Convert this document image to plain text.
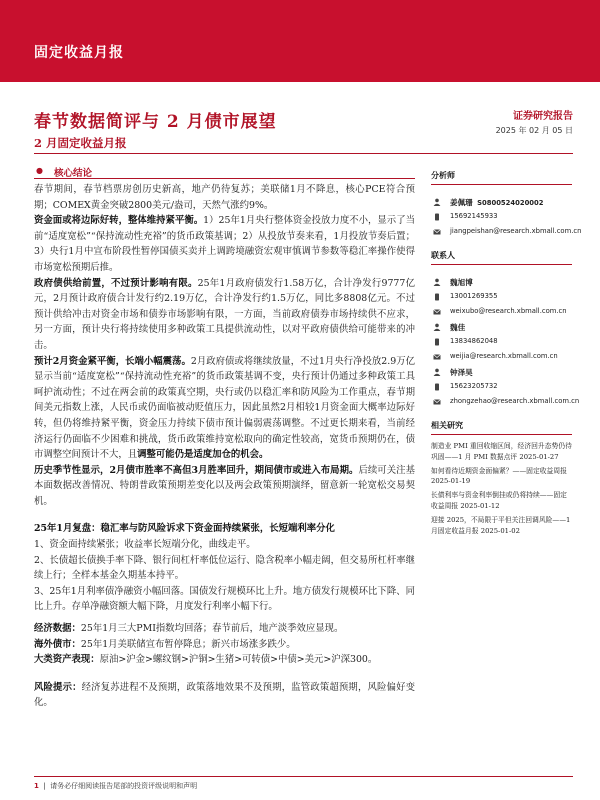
固定收益月报
春节数据简评与 2 月债市展望
2 月固定收益月报
证券研究报告
2025 年 02 月 05 日
● 核心结论

春节期间，春节档票房创历史新高，地产仍待复苏；美联储1月不降息，核心PCE符合预期；COMEX黄金突破2800美元/盎司，天然气涨约9%。

资金面或将边际好转，整体维持紧平衡。1）25年1月央行整体资金投放力度不小，显示了当前“适度宽松”“保持流动性充裕”的货币政策基调；2）从投放节奏来看，1月投放节奏后置；3）央行1月中宣布阶段性暂停国债买卖并上调跨境融资宏观审慎调节参数等稳汇率操作使得市场宽松预期后推。

政府债供给前置，不过预计影响有限。25年1月政府债发行1.58万亿，合计净发行9777亿元，2月预计政府债合计发行约2.19万亿，合计净发行约1.5万亿，同比多8808亿元。不过预计供给冲击对资金市场和债券市场影响有限，一方面，当前政府债券市场持续供不应求，另一方面，预计央行将持续使用多种政策工具提供流动性，以对平政府债供给可能带来的冲击。

预计2月资金紧平衡，长端小幅震荡。2月政府债或将继续放量，不过1月央行净投放2.9万亿显示当前“适度宽松”“保持流动性充裕”的货币政策基调不变，央行预计仍通过多种政策工具呵护流动性；不过在两会前的政策真空期，央行或仍以稳汇率和防风险为工作重点，春节期间美元指数上涨，人民币或仍面临被动贬值压力，因此虽然2月相较1月资金面大概率边际好转，但仍将维持紧平衡，资金压力持续下债市预计偏弱震荡调整。不过更长期来看，当前经济运行仍面临不少困难和挑战，货币政策维持宽松取向的确定性较高，宽货币预期仍在，债市调整空间预计不大，且调整可能仍是适度加仓的机会。

历史季节性显示，2月债市胜率不高但3月胜率回升，期间债市或进入布局期。后续可关注基本面数据改善情况、特朗普政策预期差变化以及两会政策预期演绎，留意新一轮宽松交易契机。

25年1月复盘：稳汇率与防风险诉求下资金面持续紧张，长短端利率分化

1、资金面持续紧张；收益率长短端分化，曲线走平。

2、长债超长债换手率下降、银行间杠杆率低位运行、隐含税率小幅走阔，但交易所杠杆率继续上行；全样本基金久期基本持平。

3、25年1月利率债净融资小幅回落。国债发行规模环比上升。地方债发行规模环比下降、同比上升。存单净融资额大幅下降，月度发行利率小幅下行。

经济数据：25年1月三大PMI指数均回落；春节前后，地产淡季效应显现。

海外债市：25年1月美联储宣布暂停降息；新兴市场涨多跌少。

大类资产表现：原油>沪金>螺纹钢>沪铜>生猪>可转债>中债>美元>沪深300。

风险提示：经济复苏进程不及预期，政策落地效果不及预期，监管政策超预期，风险偏好变化。

分析师
姜佩珊 S0800524020002
15692145933
jiangpeishan@research.xbmall.com.cn
联系人
魏旭博
13001269355
weixubo@research.xbmall.com.cn
魏佳
13834862048
weijia@research.xbmall.com.cn
钟泽昊
15623205732
zhongzehao@research.xbmall.com.cn
相关研究
制造业 PMI 重回收缩区间，经济回升态势仍待巩固——1 月 PMI 数据点评 2025-01-27
如何看待近期资金面偏紧？——固定收益周报 2025-01-19
长债利率与资金利率倒挂或仍将持续——固定收益周报 2025-01-12
迎接 2025，不局限于平但关注回调风险——1 月固定收益月报 2025-01-02
1  |  请务必仔细阅读报告尾部的投资评级说明和声明
